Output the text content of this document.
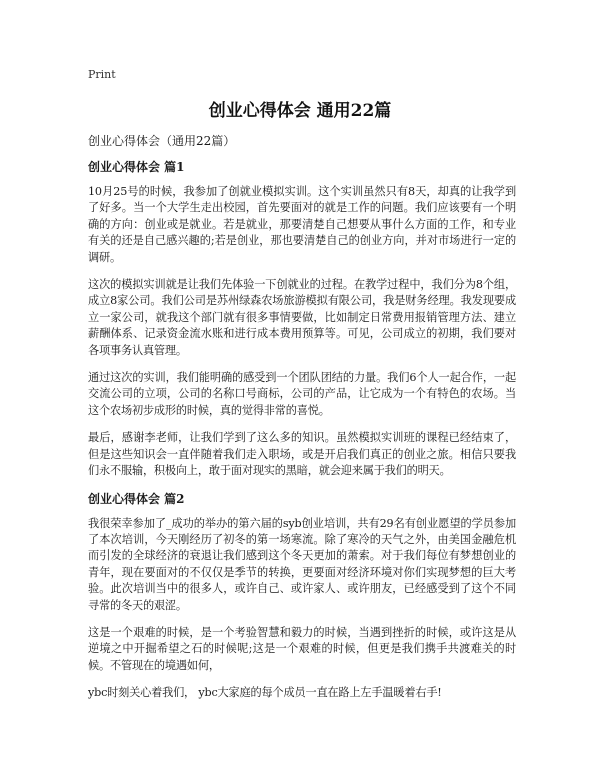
Print
创业心得体会 通用22篇
创业心得体会（通用22篇）
创业心得体会 篇1

10月25号的时候，我参加了创就业模拟实训。这个实训虽然只有8天，却真的让我学到了好多。当一个大学生走出校园，首先要面对的就是工作的问题。我们应该要有一个明确的方向：创业或是就业。若是就业，那要清楚自己想要从事什么方面的工作，和专业有关的还是自己感兴趣的;若是创业，那也要清楚自己的创业方向，并对市场进行一定的调研。

这次的模拟实训就是让我们先体验一下创就业的过程。在教学过程中，我们分为8个组，成立8家公司。我们公司是苏州绿森农场旅游模拟有限公司，我是财务经理。我发现要成立一家公司，就我这个部门就有很多事情要做，比如制定日常费用报销管理方法、建立薪酬体系、记录资金流水账和进行成本费用预算等。可见，公司成立的初期，我们要对各项事务认真管理。

通过这次的实训，我们能明确的感受到一个团队团结的力量。我们6个人一起合作，一起交流公司的立项，公司的名称口号商标，公司的产品，让它成为一个有特色的农场。当这个农场初步成形的时候，真的觉得非常的喜悦。

最后，感谢李老师，让我们学到了这么多的知识。虽然模拟实训班的课程已经结束了，但是这些知识会一直伴随着我们走入职场，或是开启我们真正的创业之旅。相信只要我们永不服输，积极向上，敢于面对现实的黑暗，就会迎来属于我们的明天。

创业心得体会 篇2

我很荣幸参加了_成功的举办的第六届的syb创业培训，共有29名有创业愿望的学员参加了本次培训，今天刚经历了初冬的第一场寒流。除了寒冷的天气之外，由美国金融危机而引发的全球经济的衰退让我们感到这个冬天更加的萧索。对于我们每位有梦想创业的青年，现在要面对的不仅仅是季节的转换，更要面对经济环境对你们实现梦想的巨大考验。此次培训当中的很多人，或许自己、或许家人、或许朋友，已经感受到了这个不同寻常的冬天的艰涩。

这是一个艰难的时候，是一个考验智慧和毅力的时候，当遇到挫折的时候，或许这是从逆境之中开掘希望之石的时候呢;这是一个艰难的时候，但更是我们携手共渡难关的时候。不管现在的境遇如何，

ybc时刻关心着我们， ybc大家庭的每个成员一直在路上左手温暖着右手!
